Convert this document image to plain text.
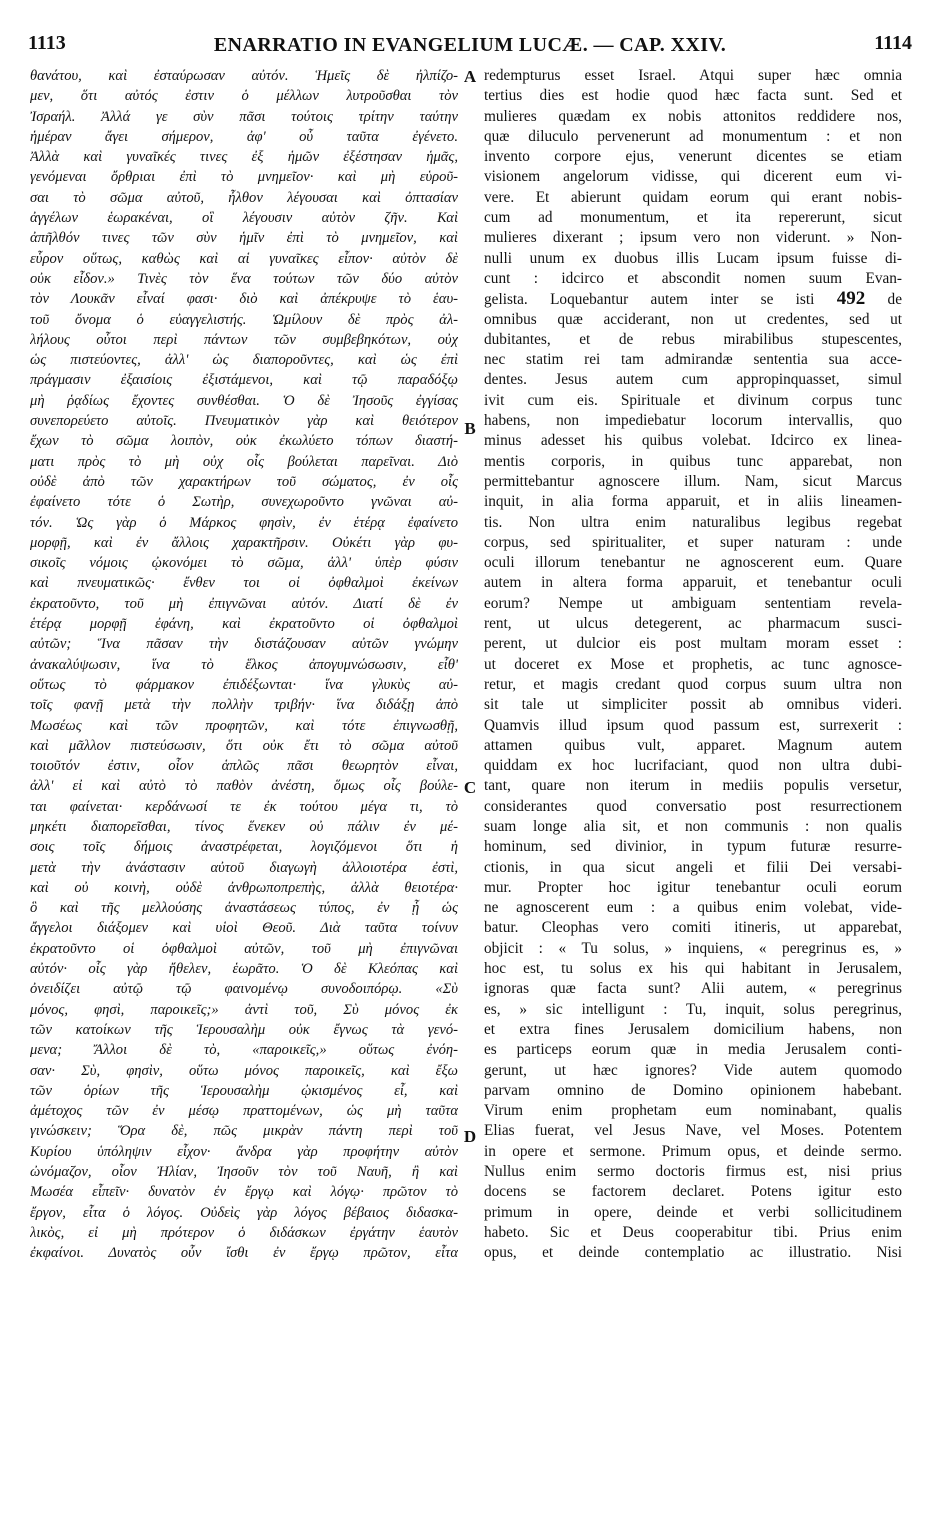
1113	ENARRATIO IN EVANGELIUM LUCÆ. — CAP. XXIV.	1114
θανάτου, καὶ ἐσταύρωσαν αὐτόν. Ἡμεῖς δὲ ἠλπίζο-
μεν, ὅτι αὐτός ἐστιν ὁ μέλλων λυτροῦσθαι τὸν
Ἰσραήλ. Ἀλλά γε σὺν πᾶσι τούτοις τρίτην ταύτην
ἡμέραν ἄγει σήμερον, ἀφ' οὗ ταῦτα ἐγένετο.
Ἀλλὰ καὶ γυναῖκές τινες ἐξ ἡμῶν ἐξέστησαν ἡμᾶς,
γενόμεναι ὄρθριαι ἐπὶ τὸ μνημεῖον· καὶ μὴ εὑροῦ-
σαι τὸ σῶμα αὐτοῦ, ἦλθον λέγουσαι καὶ ὀπτασίαν
ἀγγέλων ἑωρακέναι, οἳ λέγουσιν αὐτὸν ζῆν. Καὶ
ἀπῆλθόν τινες τῶν σὺν ἡμῖν ἐπὶ τὸ μνημεῖον, καὶ
εὗρον οὕτως, καθὼς καὶ αἱ γυναῖκες εἶπον· αὐτὸν δὲ
οὐκ εἶδον.» Τινὲς τὸν ἕνα τούτων τῶν δύο αὐτὸν
τὸν Λουκᾶν εἶναί φασι· διὸ καὶ ἀπέκρυψε τὸ ἑαυ-
τοῦ ὄνομα ὁ εὐαγγελιστής. Ὡμίλουν δὲ πρὸς ἀλ-
λήλους οὗτοι περὶ πάντων τῶν συμβεβηκότων, οὐχ
ὡς πιστεύοντες, ἀλλ' ὡς διαποροῦντες, καὶ ὡς ἐπὶ
πράγμασιν ἐξαισίοις ἐξιστάμενοι, καὶ τῷ παραδόξῳ
μὴ ῥᾳδίως ἔχοντες συνθέσθαι. Ὁ δὲ Ἰησοῦς ἐγγίσας
συνεπορεύετο αὐτοῖς. Πνευματικὸν γὰρ καὶ θειότερον
ἔχων τὸ σῶμα λοιπὸν, οὐκ ἐκωλύετο τόπων διαστή-
ματι πρὸς τὸ μὴ οὐχ οἷς βούλεται παρεῖναι. Διὸ
οὐδὲ ἀπὸ τῶν χαρακτήρων τοῦ σώματος, ἐν οἷς
ἐφαίνετο τότε ὁ Σωτὴρ, συνεχωροῦντο γνῶναι αὐ-
τόν. Ὡς γὰρ ὁ Μάρκος φησὶν, ἐν ἑτέρᾳ ἐφαίνετο
μορφῇ, καὶ ἐν ἄλλοις χαρακτῆρσιν. Οὐκέτι γὰρ φυ-
σικοῖς νόμοις ᾠκονόμει τὸ σῶμα, ἀλλ' ὑπὲρ φύσιν
καὶ πνευματικῶς· ἔνθεν τοι οἱ ὀφθαλμοὶ ἐκείνων
ἐκρατοῦντο, τοῦ μὴ ἐπιγνῶναι αὐτόν. Διατί δὲ ἐν
ἑτέρᾳ μορφῇ ἐφάνη, καὶ ἐκρατοῦντο οἱ ὀφθαλμοὶ
αὐτῶν; Ἵνα πᾶσαν τὴν διστάζουσαν αὐτῶν γνώμην
ἀνακαλύψωσιν, ἵνα τὸ ἕλκος ἀπογυμνώσωσιν, εἶθ'
οὕτως τὸ φάρμακον ἐπιδέξωνται· ἵνα γλυκὺς αὐ-
τοῖς φανῇ μετὰ τὴν πολλὴν τριβήν· ἵνα διδάξῃ ἀπὸ
Μωσέως καὶ τῶν προφητῶν, καὶ τότε ἐπιγνωσθῇ,
καὶ μᾶλλον πιστεύσωσιν, ὅτι οὐκ ἔτι τὸ σῶμα αὐτοῦ
τοιοῦτόν ἐστιν, οἷον ἁπλῶς πᾶσι θεωρητὸν εἶναι,
ἀλλ' εἰ καὶ αὐτὸ τὸ παθὸν ἀνέστη, ὅμως οἷς βούλε-
ται φαίνεται· κερδάνωσί τε ἐκ τούτου μέγα τι, τὸ
μηκέτι διαπορεῖσθαι, τίνος ἕνεκεν οὐ πάλιν ἐν μέ-
σοις τοῖς δήμοις ἀναστρέφεται, λογιζόμενοι ὅτι ἡ
μετὰ τὴν ἀνάστασιν αὐτοῦ διαγωγὴ ἀλλοιοτέρα ἐστὶ,
καὶ οὐ κοινὴ, οὐδὲ ἀνθρωποπρεπὴς, ἀλλὰ θειοτέρα·
ὃ καὶ τῆς μελλούσης ἀναστάσεως τύπος, ἐν ᾗ ὡς
ἄγγελοι διάξομεν καὶ υἱοὶ Θεοῦ. Διὰ ταῦτα τοίνυν
ἐκρατοῦντο οἱ ὀφθαλμοὶ αὐτῶν, τοῦ μὴ ἐπιγνῶναι
αὐτόν· οἷς γὰρ ἤθελεν, ἑωρᾶτο. Ὁ δὲ Κλεόπας καὶ
ὀνειδίζει αὐτῷ τῷ φαινομένῳ συνοδοιπόρῳ. «Σὺ
μόνος, φησὶ, παροικεῖς;» ἀντὶ τοῦ, Σὺ μόνος ἐκ
τῶν κατοίκων τῆς Ἱερουσαλὴμ οὐκ ἔγνως τὰ γενό-
μενα; Ἄλλοι δὲ τὸ, «παροικεῖς,» οὕτως ἐνόη-
σαν· Σὺ, φησὶν, οὕτω μόνος παροικεῖς, καὶ ἔξω
τῶν ὁρίων τῆς Ἱερουσαλὴμ ᾠκισμένος εἶ, καὶ
ἀμέτοχος τῶν ἐν μέσῳ πραττομένων, ὡς μὴ ταῦτα
γινώσκειν; Ὅρα δὲ, πῶς μικρὰν πάντη περὶ τοῦ
Κυρίου ὑπόληψιν εἶχον· ἄνδρα γὰρ προφήτην αὐτὸν
ὠνόμαζον, οἷον Ἠλίαν, Ἰησοῦν τὸν τοῦ Ναυῆ, ἢ καὶ
Μωσέα εἶπεῖν· δυνατὸν ἐν ἔργῳ καὶ λόγῳ· πρῶτον τὸ
ἔργον, εἶτα ὁ λόγος. Οὐδεὶς γὰρ λόγος βέβαιος διδασκα-
λικὸς, εἰ μὴ πρότερον ὁ διδάσκων ἐργάτην ἑαυτὸν
ἐκφαίνοι. Δυνατὸς οὖν ἴσθι ἐν ἔργῳ πρῶτον, εἶτα
A
B
C
D
redempturus esset Israel. Atqui super hæc omnia
tertius dies est hodie quod hæc facta sunt. Sed et
mulieres quædam ex nobis attonitos reddidere nos,
quæ diluculo pervenerunt ad monumentum : et non
invento corpore ejus, venerunt dicentes se etiam
visionem angelorum vidisse, qui dicerent eum vi-
vere. Et abierunt quidam eorum qui erant nobis-
cum ad monumentum, et ita repererunt, sicut
mulieres dixerant ; ipsum vero non viderunt. » Non-
nulli unum ex duobus illis Lucam ipsum fuisse di-
cunt : idcirco et abscondit nomen suum Evan-
gelista. Loquebantur autem inter se isti 492 de
omnibus quæ acciderant, non ut credentes, sed ut
dubitantes, et de rebus mirabilibus stupescentes,
nec statim rei tam admirandæ sententia sua acce-
dentes. Jesus autem cum appropinquasset, simul
ivit cum eis. Spirituale et divinum corpus tunc
habens, non impediebatur locorum intervallis, quo
minus adesset his quibus volebat. Idcirco ex linea-
mentis corporis, in quibus tunc apparebat, non
permittebantur agnoscere illum. Nam, sicut Marcus
inquit, in alia forma apparuit, et in aliis lineamen-
tis. Non ultra enim naturalibus legibus regebat
corpus, sed spiritualiter, et super naturam : unde
oculi illorum tenebantur ne agnoscerent eum. Quare
autem in altera forma apparuit, et tenebantur oculi
eorum? Nempe ut ambiguam sententiam revela-
rent, ut ulcus detegerent, ac pharmacum susci-
perent, ut dulcior eis post multam moram esset :
ut doceret ex Mose et prophetis, ac tunc agnosce-
retur, et magis credant quod corpus suum ultra non
sit tale ut simpliciter possit ab omnibus videri.
Quamvis illud ipsum quod passum est, surrexerit :
attamen quibus vult, apparet. Magnum autem
quiddam ex hoc lucrifaciant, quod non ultra dubi-
tant, quare non iterum in mediis populis versetur,
considerantes quod conversatio post resurrectionem
suam longe alia sit, et non communis : non qualis
hominum, sed divinior, in typum futuræ resurre-
ctionis, in qua sicut angeli et filii Dei versabi-
mur. Propter hoc igitur tenebantur oculi eorum
ne agnoscerent eum : a quibus enim volebat, vide-
batur. Cleophas vero comiti itineris, ut apparebat,
objicit : « Tu solus, » inquiens, « peregrinus es, »
hoc est, tu solus ex his qui habitant in Jerusalem,
ignoras quæ facta sunt? Alii autem, « peregrinus
es, » sic intelligunt : Tu, inquit, solus peregrinus,
et extra fines Jerusalem domicilium habens, non
es particeps eorum quæ in media Jerusalem conti-
gerunt, ut hæc ignores? Vide autem quomodo
parvam omnino de Domino opinionem habebant.
Virum enim prophetam eum nominabant, qualis
Elias fuerat, vel Jesus Nave, vel Moses. Potentem
in opere et sermone. Primum opus, et deinde sermo.
Nullus enim sermo doctoris firmus est, nisi prius
docens se factorem declaret. Potens igitur esto
primum in opere, deinde et verbi sollicitudinem
habeto. Sic et Deus cooperabitur tibi. Prius enim
opus, et deinde contemplatio ac illustratio. Nisi
